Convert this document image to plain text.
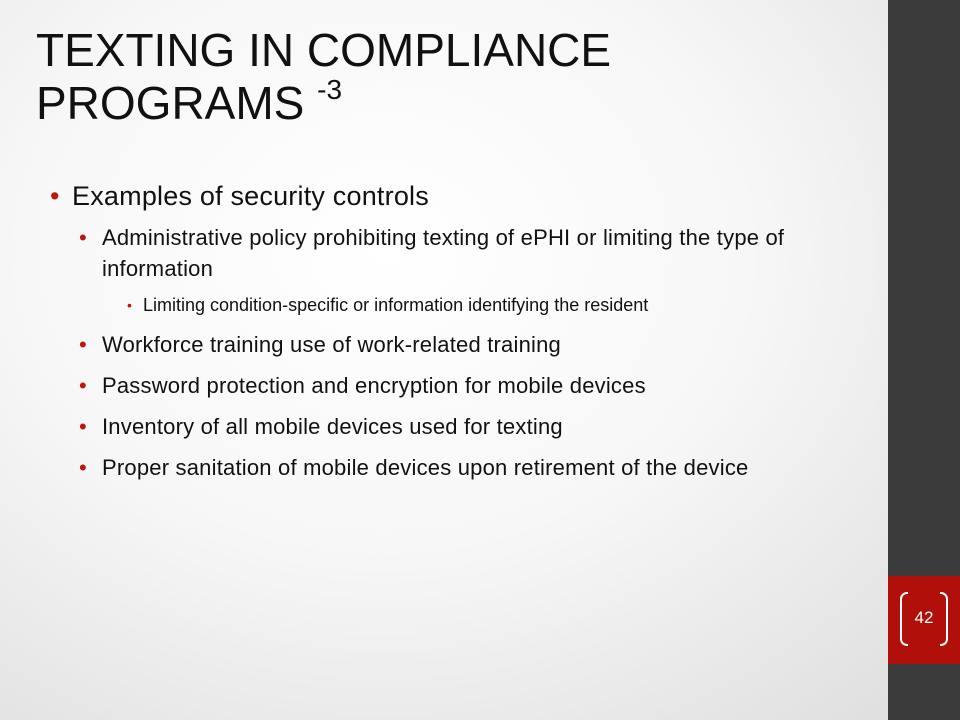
42
TEXTING IN COMPLIANCE PROGRAMS $^{-3}$

• Examples of security controls

• Administrative policy prohibiting texting of ePHI or limiting the type of information

• Limiting condition-specific or information identifying the resident

• Workforce training use of work-related training

• Password protection and encryption for mobile devices

• Inventory of all mobile devices used for texting

• Proper sanitation of mobile devices upon retirement of the device
